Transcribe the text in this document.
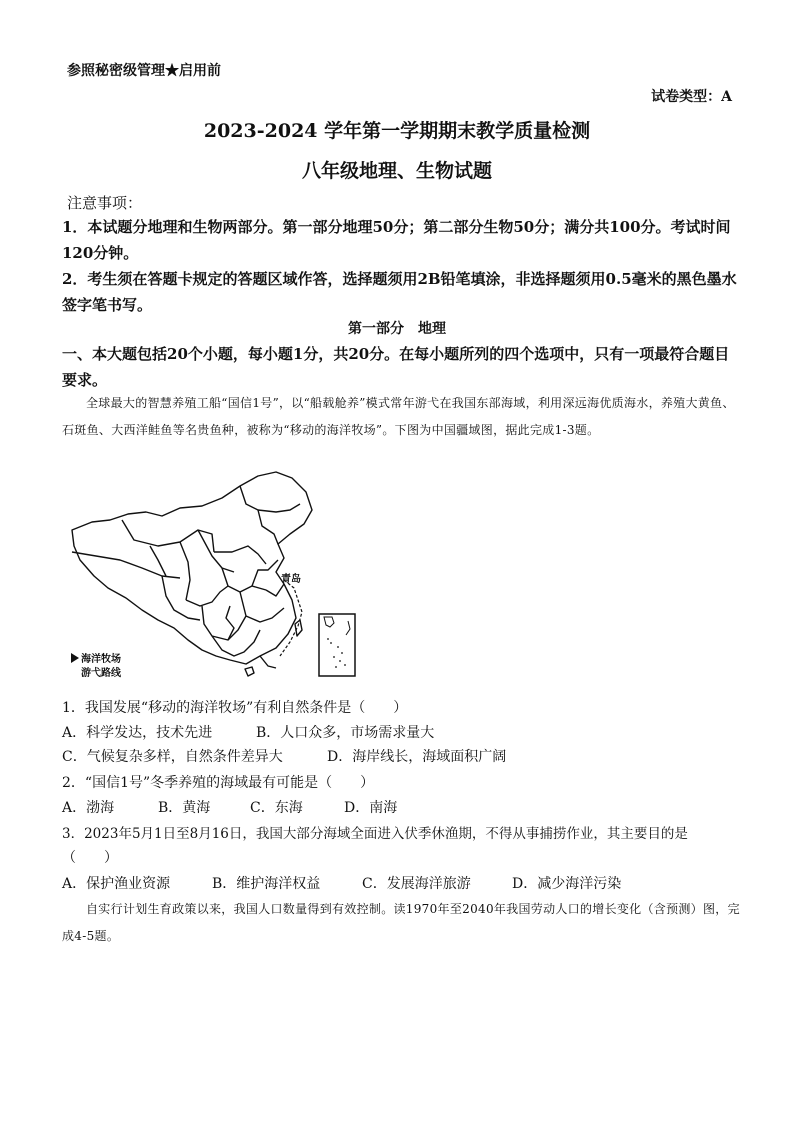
参照秘密级管理★启用前
试卷类型：A
2023-2024 学年第一学期期末教学质量检测
八年级地理、生物试题
注意事项：
1．本试题分地理和生物两部分。第一部分地理50分；第二部分生物50分；满分共100分。考试时间120分钟。
2．考生须在答题卡规定的答题区域作答，选择题须用2B铅笔填涂，非选择题须用0.5毫米的黑色墨水签字笔书写。
第一部分　地理
一、本大题包括20个小题，每小题1分，共20分。在每小题所列的四个选项中，只有一项最符合题目要求。
全球最大的智慧养殖工船“国信1号”，以“船载舱养”模式常年游弋在我国东部海域，利用深远海优质海水，养殖大黄鱼、石斑鱼、大西洋鲑鱼等名贵鱼种，被称为“移动的海洋牧场”。下图为中国疆域图，据此完成1-3题。
青岛
海洋牧场
游弋路线
1．我国发展“移动的海洋牧场”有利自然条件是（　　）
A．科学发达，技术先进	B．人口众多，市场需求量大
C．气候复杂多样，自然条件差异大	D．海岸线长，海域面积广阔
2．“国信1号”冬季养殖的海域最有可能是（　　）
A．渤海	B．黄海	C．东海	D．南海
3．2023年5月1日至8月16日，我国大部分海域全面进入伏季休渔期，不得从事捕捞作业，其主要目的是
（　　）
A．保护渔业资源	B．维护海洋权益	C．发展海洋旅游	D．减少海洋污染
自实行计划生育政策以来，我国人口数量得到有效控制。读1970年至2040年我国劳动人口的增长变化（含预测）图，完成4-5题。
